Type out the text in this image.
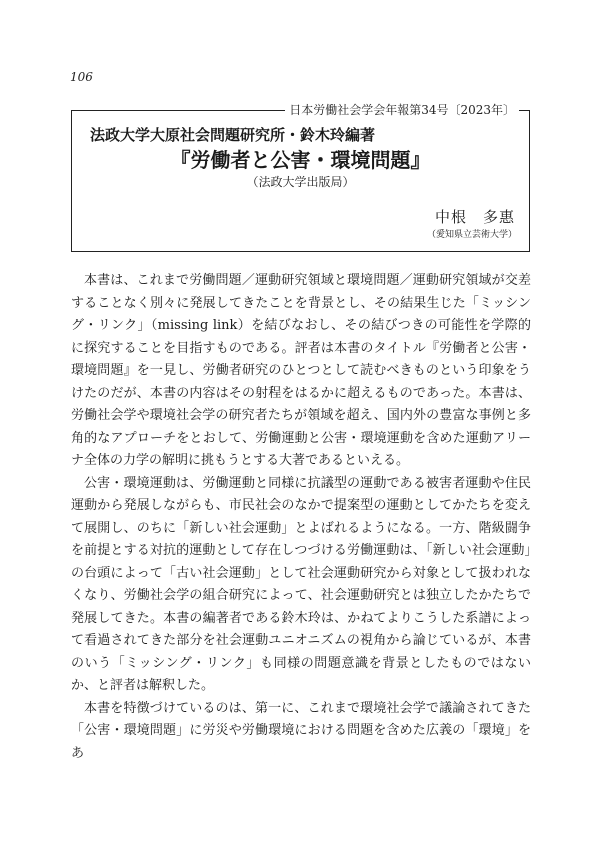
106
日本労働社会学会年報第34号〔2023年〕
法政大学大原社会問題研究所・鈴木玲編著
『労働者と公害・環境問題』
（法政大学出版局）
中根　多惠
（愛知県立芸術大学）

本書は、これまで労働問題／運動研究領域と環境問題／運動研究領域が交差することなく別々に発展してきたことを背景とし、その結果生じた「ミッシング・リンク」（missing link）を結びなおし、その結びつきの可能性を学際的に探究することを目指すものである。評者は本書のタイトル『労働者と公害・環境問題』を一見し、労働者研究のひとつとして読むべきものという印象をうけたのだが、本書の内容はその射程をはるかに超えるものであった。本書は、労働社会学や環境社会学の研究者たちが領域を超え、国内外の豊富な事例と多角的なアプローチをとおして、労働運動と公害・環境運動を含めた運動アリーナ全体の力学の解明に挑もうとする大著であるといえる。

公害・環境運動は、労働運動と同様に抗議型の運動である被害者運動や住民運動から発展しながらも、市民社会のなかで提案型の運動としてかたちを変えて展開し、のちに「新しい社会運動」とよばれるようになる。一方、階級闘争を前提とする対抗的運動として存在しつづける労働運動は、「新しい社会運動」の台頭によって「古い社会運動」として社会運動研究から対象として扱われなくなり、労働社会学の組合研究によって、社会運動研究とは独立したかたちで発展してきた。本書の編著者である鈴木玲は、かねてよりこうした系譜によって看過されてきた部分を社会運動ユニオニズムの視角から論じているが、本書のいう「ミッシング・リンク」も同様の問題意識を背景としたものではないか、と評者は解釈した。

本書を特徴づけているのは、第一に、これまで環境社会学で議論されてきた「公害・環境問題」に労災や労働環境における問題を含めた広義の「環境」をあ
